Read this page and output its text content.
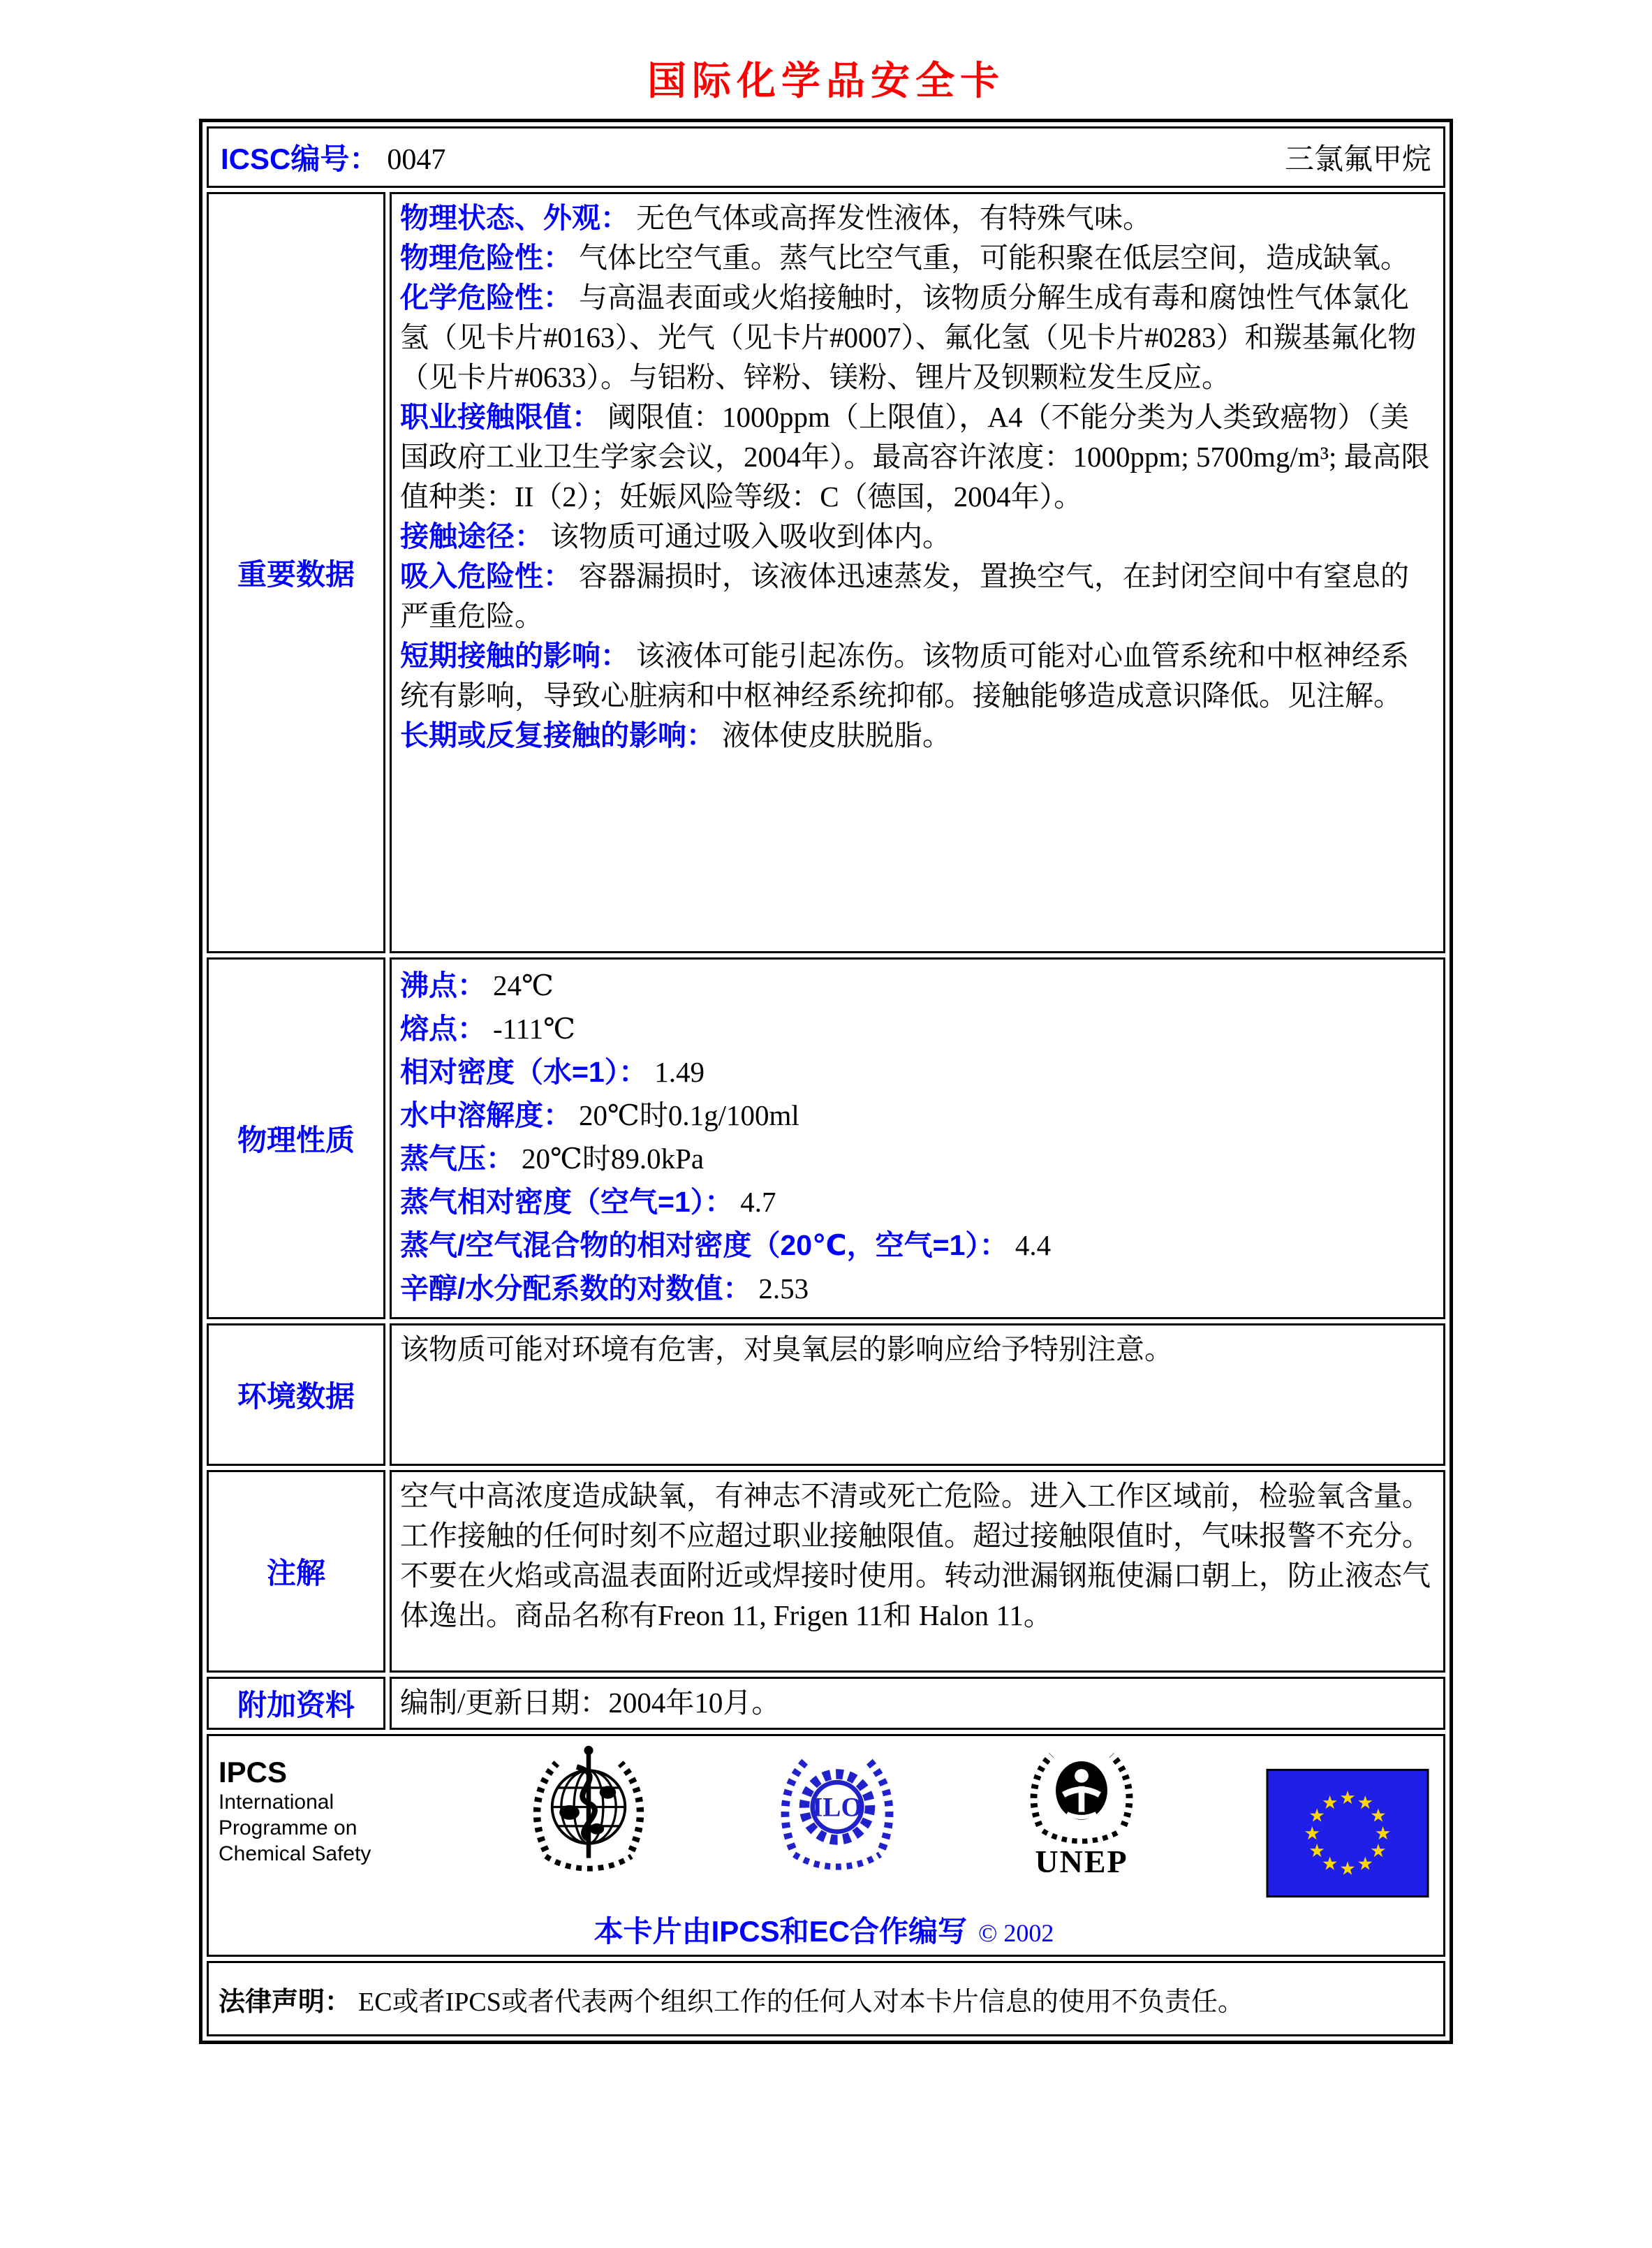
国际化学品安全卡
ICSC编号： 0047 三氯氟甲烷	

重要数据	
物理状态、外观： 无色气体或高挥发性液体，有特殊气味。
物理危险性： 气体比空气重。蒸气比空气重，可能积聚在低层空间，造成缺氧。
化学危险性： 与高温表面或火焰接触时，该物质分解生成有毒和腐蚀性气体氯化氢（见卡片#0163）、光气（见卡片#0007）、氟化氢（见卡片#0283）和羰基氟化物（见卡片#0633）。与铝粉、锌粉、镁粉、锂片及钡颗粒发生反应。
职业接触限值： 阈限值：1000ppm（上限值），A4（不能分类为人类致癌物）（美国政府工业卫生学家会议，2004年）。最高容许浓度：1000ppm; 5700mg/m³; 最高限值种类：II（2）；妊娠风险等级：C（德国，2004年）。
接触途径： 该物质可通过吸入吸收到体内。
吸入危险性： 容器漏损时，该液体迅速蒸发，置换空气，在封闭空间中有窒息的严重危险。
短期接触的影响： 该液体可能引起冻伤。该物质可能对心血管系统和中枢神经系统有影响，导致心脏病和中枢神经系统抑郁。接触能够造成意识降低。见注解。
长期或反复接触的影响： 液体使皮肤脱脂。

物理性质	
沸点： 24℃
熔点： -111℃
相对密度（水=1）： 1.49
水中溶解度： 20℃时0.1g/100ml
蒸气压： 20℃时89.0kPa
蒸气相对密度（空气=1）： 4.7
蒸气/空气混合物的相对密度（20℃，空气=1）： 4.4
辛醇/水分配系数的对数值： 2.53

环境数据	该物质可能对环境有危害，对臭氧层的影响应给予特别注意。

注解	空气中高浓度造成缺氧，有神志不清或死亡危险。进入工作区域前，检验氧含量。工作接触的任何时刻不应超过职业接触限值。超过接触限值时，气味报警不充分。不要在火焰或高温表面附近或焊接时使用。转动泄漏钢瓶使漏口朝上，防止液态气体逸出。商品名称有Freon 11, Frigen 11和 Halon 11。

附加资料	编制/更新日期：2004年10月。

IPCS
International
Programme on
Chemical Safety
ILO
UNEP
★ ★
★
★
★
★
★
★
★
★
★
★
本卡片由IPCS和EC合作编写 © 2002

法律声明： EC或者IPCS或者代表两个组织工作的任何人对本卡片信息的使用不负责任。	
